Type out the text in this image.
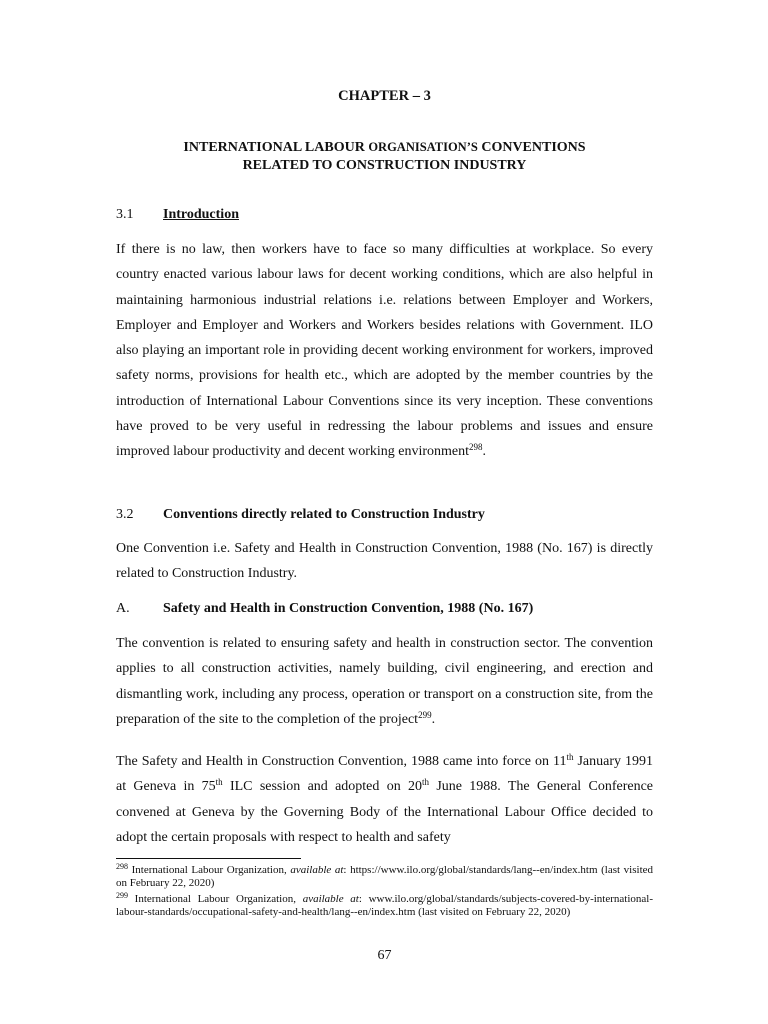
CHAPTER – 3
INTERNATIONAL LABOUR ORGANISATION’S CONVENTIONS
RELATED TO CONSTRUCTION INDUSTRY
3.1 Introduction
If there is no law, then workers have to face so many difficulties at workplace. So every country enacted various labour laws for decent working conditions, which are also helpful in maintaining harmonious industrial relations i.e. relations between Employer and Workers, Employer and Employer and Workers and Workers besides relations with Government. ILO also playing an important role in providing decent working environment for workers, improved safety norms, provisions for health etc., which are adopted by the member countries by the introduction of International Labour Conventions since its very inception. These conventions have proved to be very useful in redressing the labour problems and issues and ensure improved labour productivity and decent working environment$^{298}$.
3.2 Conventions directly related to Construction Industry
One Convention i.e. Safety and Health in Construction Convention, 1988 (No. 167) is directly related to Construction Industry.
A. Safety and Health in Construction Convention, 1988 (No. 167)
The convention is related to ensuring safety and health in construction sector. The convention applies to all construction activities, namely building, civil engineering, and erection and dismantling work, including any process, operation or transport on a construction site, from the preparation of the site to the completion of the project$^{299}$.
The Safety and Health in Construction Convention, 1988 came into force on 11th January 1991 at Geneva in 75th ILC session and adopted on 20th June 1988. The General Conference convened at Geneva by the Governing Body of the International Labour Office decided to adopt the certain proposals with respect to health and safety
$^{298}$ International Labour Organization, available at: https://www.ilo.org/global/standards/lang--en/index.htm (last visited on February 22, 2020)
$^{299}$ International Labour Organization, available at: www.ilo.org/global/standards/subjects-covered-by-international-labour-standards/occupational-safety-and-health/lang--en/index.htm (last visited on February 22, 2020)
67
